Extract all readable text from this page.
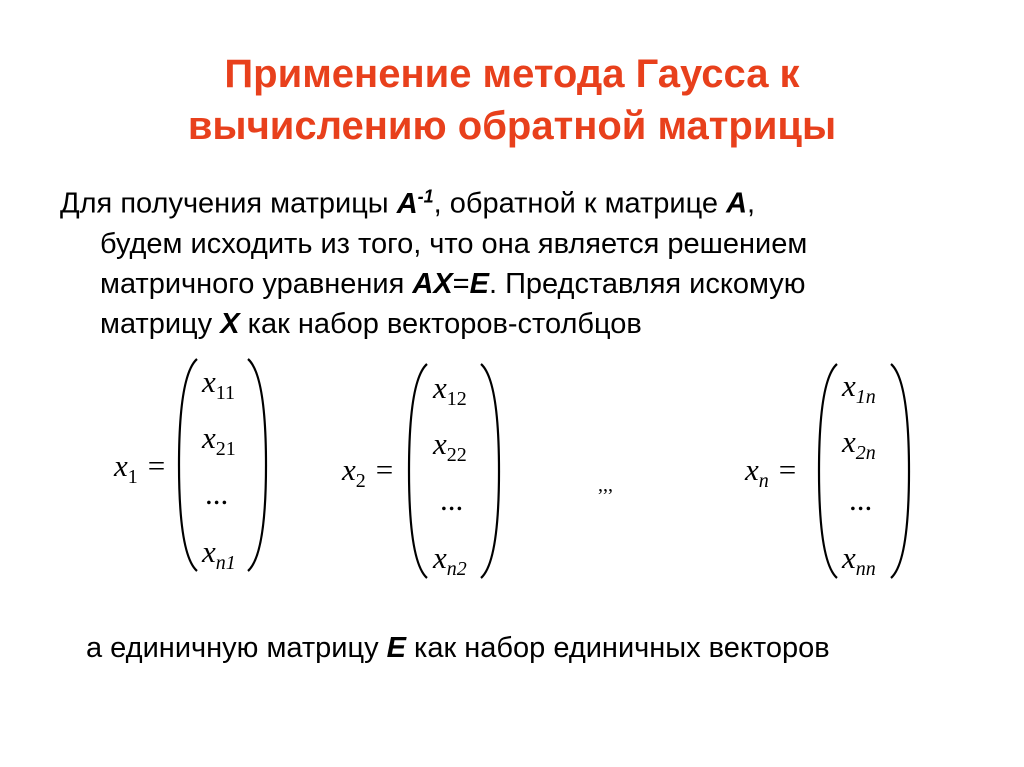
Применение метода Гаусса к
вычислению обратной матрицы
Для получения матрицы $A^{-1}$, обратной к матрице A,
будем исходить из того, что она является решением
матричного уравнения AX=E. Представляя искомую
матрицу X как набор векторов-столбцов
$x_1$ =
$x_{11}$
$x_{21}$
...
$x_{n1}$
$x_2$ =
$x_{12}$
$x_{22}$
...
$x_{n2}$
,,,	$x_n$ =
$x_{1n}$
$x_{2n}$
...
$x_{nn}$
а единичную матрицу E как набор единичных векторов
